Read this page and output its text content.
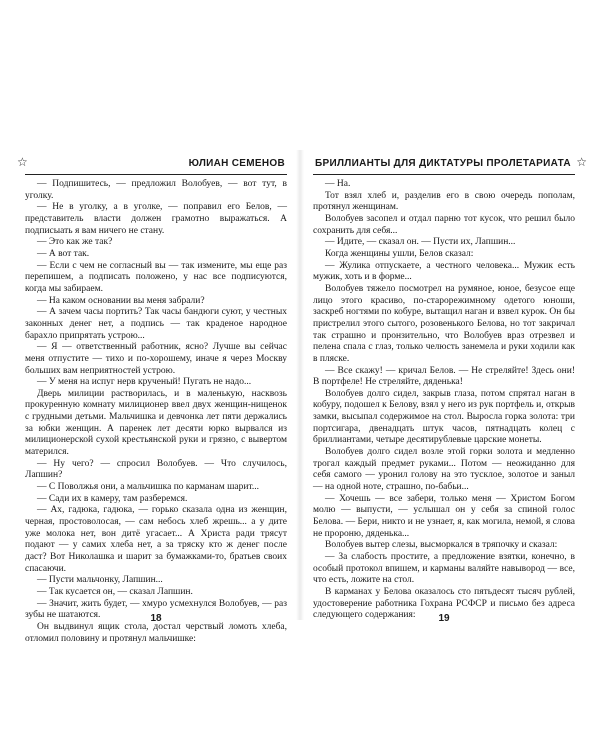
☆	ЮЛИАН СЕМЕНОВ

— Подпишитесь, — предложил Волобуев, — вот тут, в уголку.

— Не в уголку, а в уголке, — поправил его Белов, — представитель власти должен грамотно выражаться. А подписыать я вам ничего не стану.

— Это как же так?

— А вот так.

— Если с чем не согласный вы — так измените, мы еще раз перепишем, а подписать положено, у нас все подписуются, когда мы забираем.

— На каком основании вы меня забрали?

— А зачем часы портить? Так часы бандюги суют, у честных законных денег нет, а подпись — так краденое народное барахло припрятать устрою...

— Я — ответственный работник, ясно? Лучше вы сейчас меня отпустите — тихо и по-хорошему, иначе я через Москву больших вам неприятностей устрою.

— У меня на испуг нерв крученый! Пугать не надо...

Дверь милиции растворилась, и в маленькую, насквозь прокуренную комнату милиционер ввел двух женщин-нищенок с грудными детьми. Мальчишка и девчонка лет пяти держались за юбки женщин. А паренек лет десяти юрко вырвался из милиционерской сухой крестьянской руки и грязно, с вывертом матерился.

— Ну чего? — спросил Волобуев. — Что случилось, Лапшин?

— С Поволжья они, а мальчишка по карманам шарит...

— Сади их в камеру, там разберемся.

— Ах, гадюка, гадюка, — горько сказала одна из женщин, черная, простоволосая, — сам небось хлеб жрешь... а у дите уже молока нет, вон дитё угасает... А Христа ради трясут подают — у самих хлеба нет, а за тряску кто ж денег после даст? Вот Николашка и шарит за бумажками-то, братьев своих спасаючи.

— Пусти мальчонку, Лапшин...

— Так кусается он, — сказал Лапшин.

— Значит, жить будет, — хмуро усмехнулся Волобуев, — раз зубы не шатаются.

Он выдвинул ящик стола, достал черствый ломоть хлеба, отломил половину и протянул мальчишке:

18
БРИЛЛИАНТЫ ДЛЯ ДИКТАТУРЫ ПРОЛЕТАРИАТА ☆

— На.

Тот взял хлеб и, разделив его в свою очередь пополам, протянул женщинам.

Волобуев засопел и отдал парню тот кусок, что решил было сохранить для себя...

— Идите, — сказал он. — Пусти их, Лапшин...

Когда женщины ушли, Белов сказал:

— Жулика отпускаете, а честного человека... Мужик есть мужик, хоть и в форме...

Волобуев тяжело посмотрел на румяное, юное, безусое еще лицо этого красиво, по-старорежимному одетого юноши, заскреб ногтями по кобуре, вытащил наган и взвел курок. Он бы пристрелил этого сытого, розовенького Белова, но тот закричал так страшно и пронзительно, что Волобуев враз отрезвел и пелена спала с глаз, только челюсть занемела и руки ходили как в пляске.

— Все скажу! — кричал Белов. — Не стреляйте! Здесь они! В портфеле! Не стреляйте, дяденька!

Волобуев долго сидел, закрыв глаза, потом спрятал наган в кобуру, подошел к Белову, взял у него из рук портфель и, открыв замки, высыпал содержимое на стол. Выросла горка золота: три портсигара, двенадцать штук часов, пятнадцать колец с бриллиантами, четыре десятирублевые царские монеты.

Волобуев долго сидел возле этой горки золота и медленно трогал каждый предмет руками... Потом — неожиданно для себя самого — уронил голову на это тусклое, золотое и заныл — на одной ноте, страшно, по-бабьи...

— Хочешь — все забери, только меня — Христом Богом молю — выпусти, — услышал он у себя за спиной голос Белова. — Бери, никто и не узнает, я, как могила, немой, я слова не пророню, дяденька...

Волобуев вытер слезы, высморкался в тряпочку и сказал:

— За слабость простите, а предложение взятки, конечно, в особый протокол впишем, и карманы валяйте навывород — все, что есть, ложите на стол.

В карманах у Белова оказалось сто пятьдесят тысяч рублей, удостоверение работника Гохрана РСФСР и письмо без адреса следующего содержания:	19
